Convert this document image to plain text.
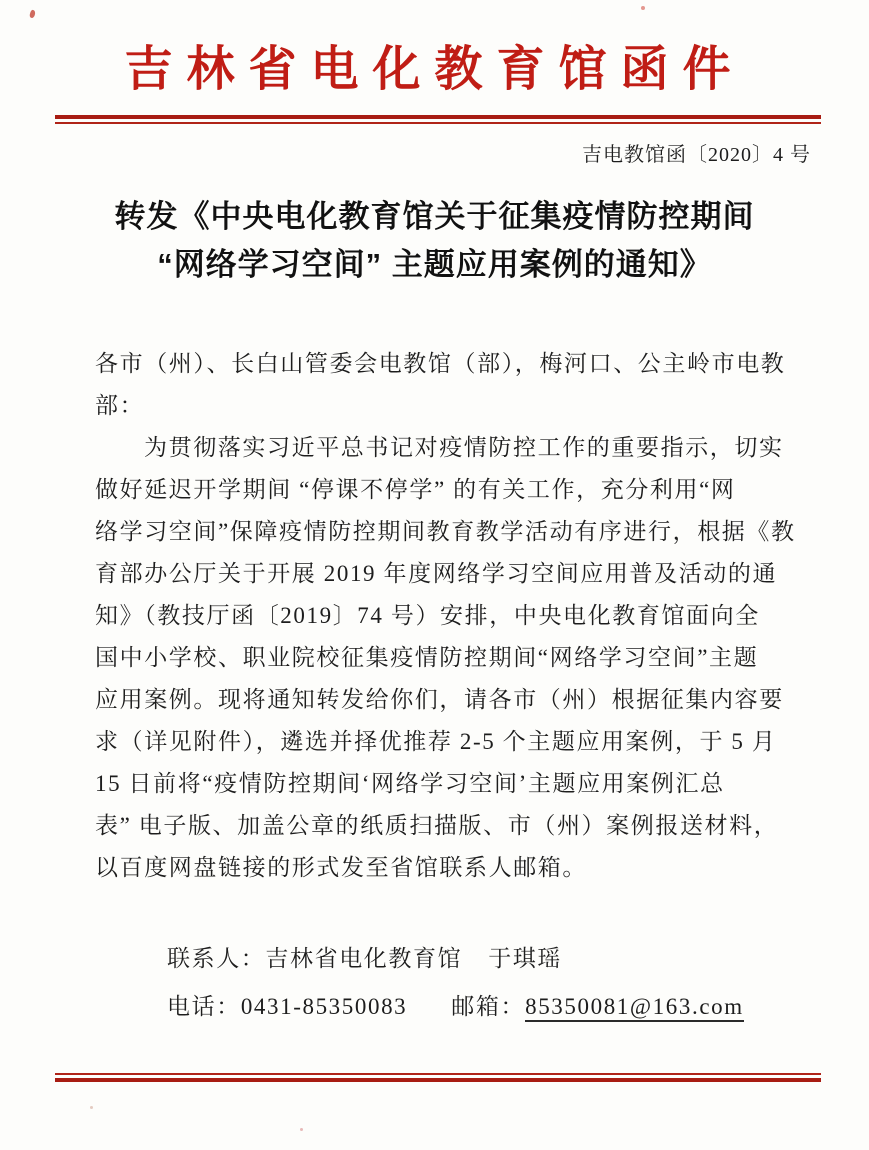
吉林省电化教育馆函件
吉电教馆函〔2020〕4 号
转发《中央电化教育馆关于征集疫情防控期间
“网络学习空间” 主题应用案例的通知》
各市（州）、长白山管委会电教馆（部），梅河口、公主岭市电教
部：
为贯彻落实习近平总书记对疫情防控工作的重要指示，切实
做好延迟开学期间 “停课不停学” 的有关工作，充分利用“网
络学习空间”保障疫情防控期间教育教学活动有序进行，根据《教
育部办公厅关于开展 2019 年度网络学习空间应用普及活动的通
知》（教技厅函〔2019〕74 号）安排，中央电化教育馆面向全
国中小学校、职业院校征集疫情防控期间“网络学习空间”主题
应用案例。现将通知转发给你们，请各市（州）根据征集内容要
求（详见附件），遴选并择优推荐 2-5 个主题应用案例，于 5 月
15 日前将“疫情防控期间‘网络学习空间’主题应用案例汇总
表” 电子版、加盖公章的纸质扫描版、市（州）案例报送材料，
以百度网盘链接的形式发至省馆联系人邮箱。
联系人：吉林省电化教育馆 于琪瑶
电话：0431-85350083 邮箱：85350081@163.com
